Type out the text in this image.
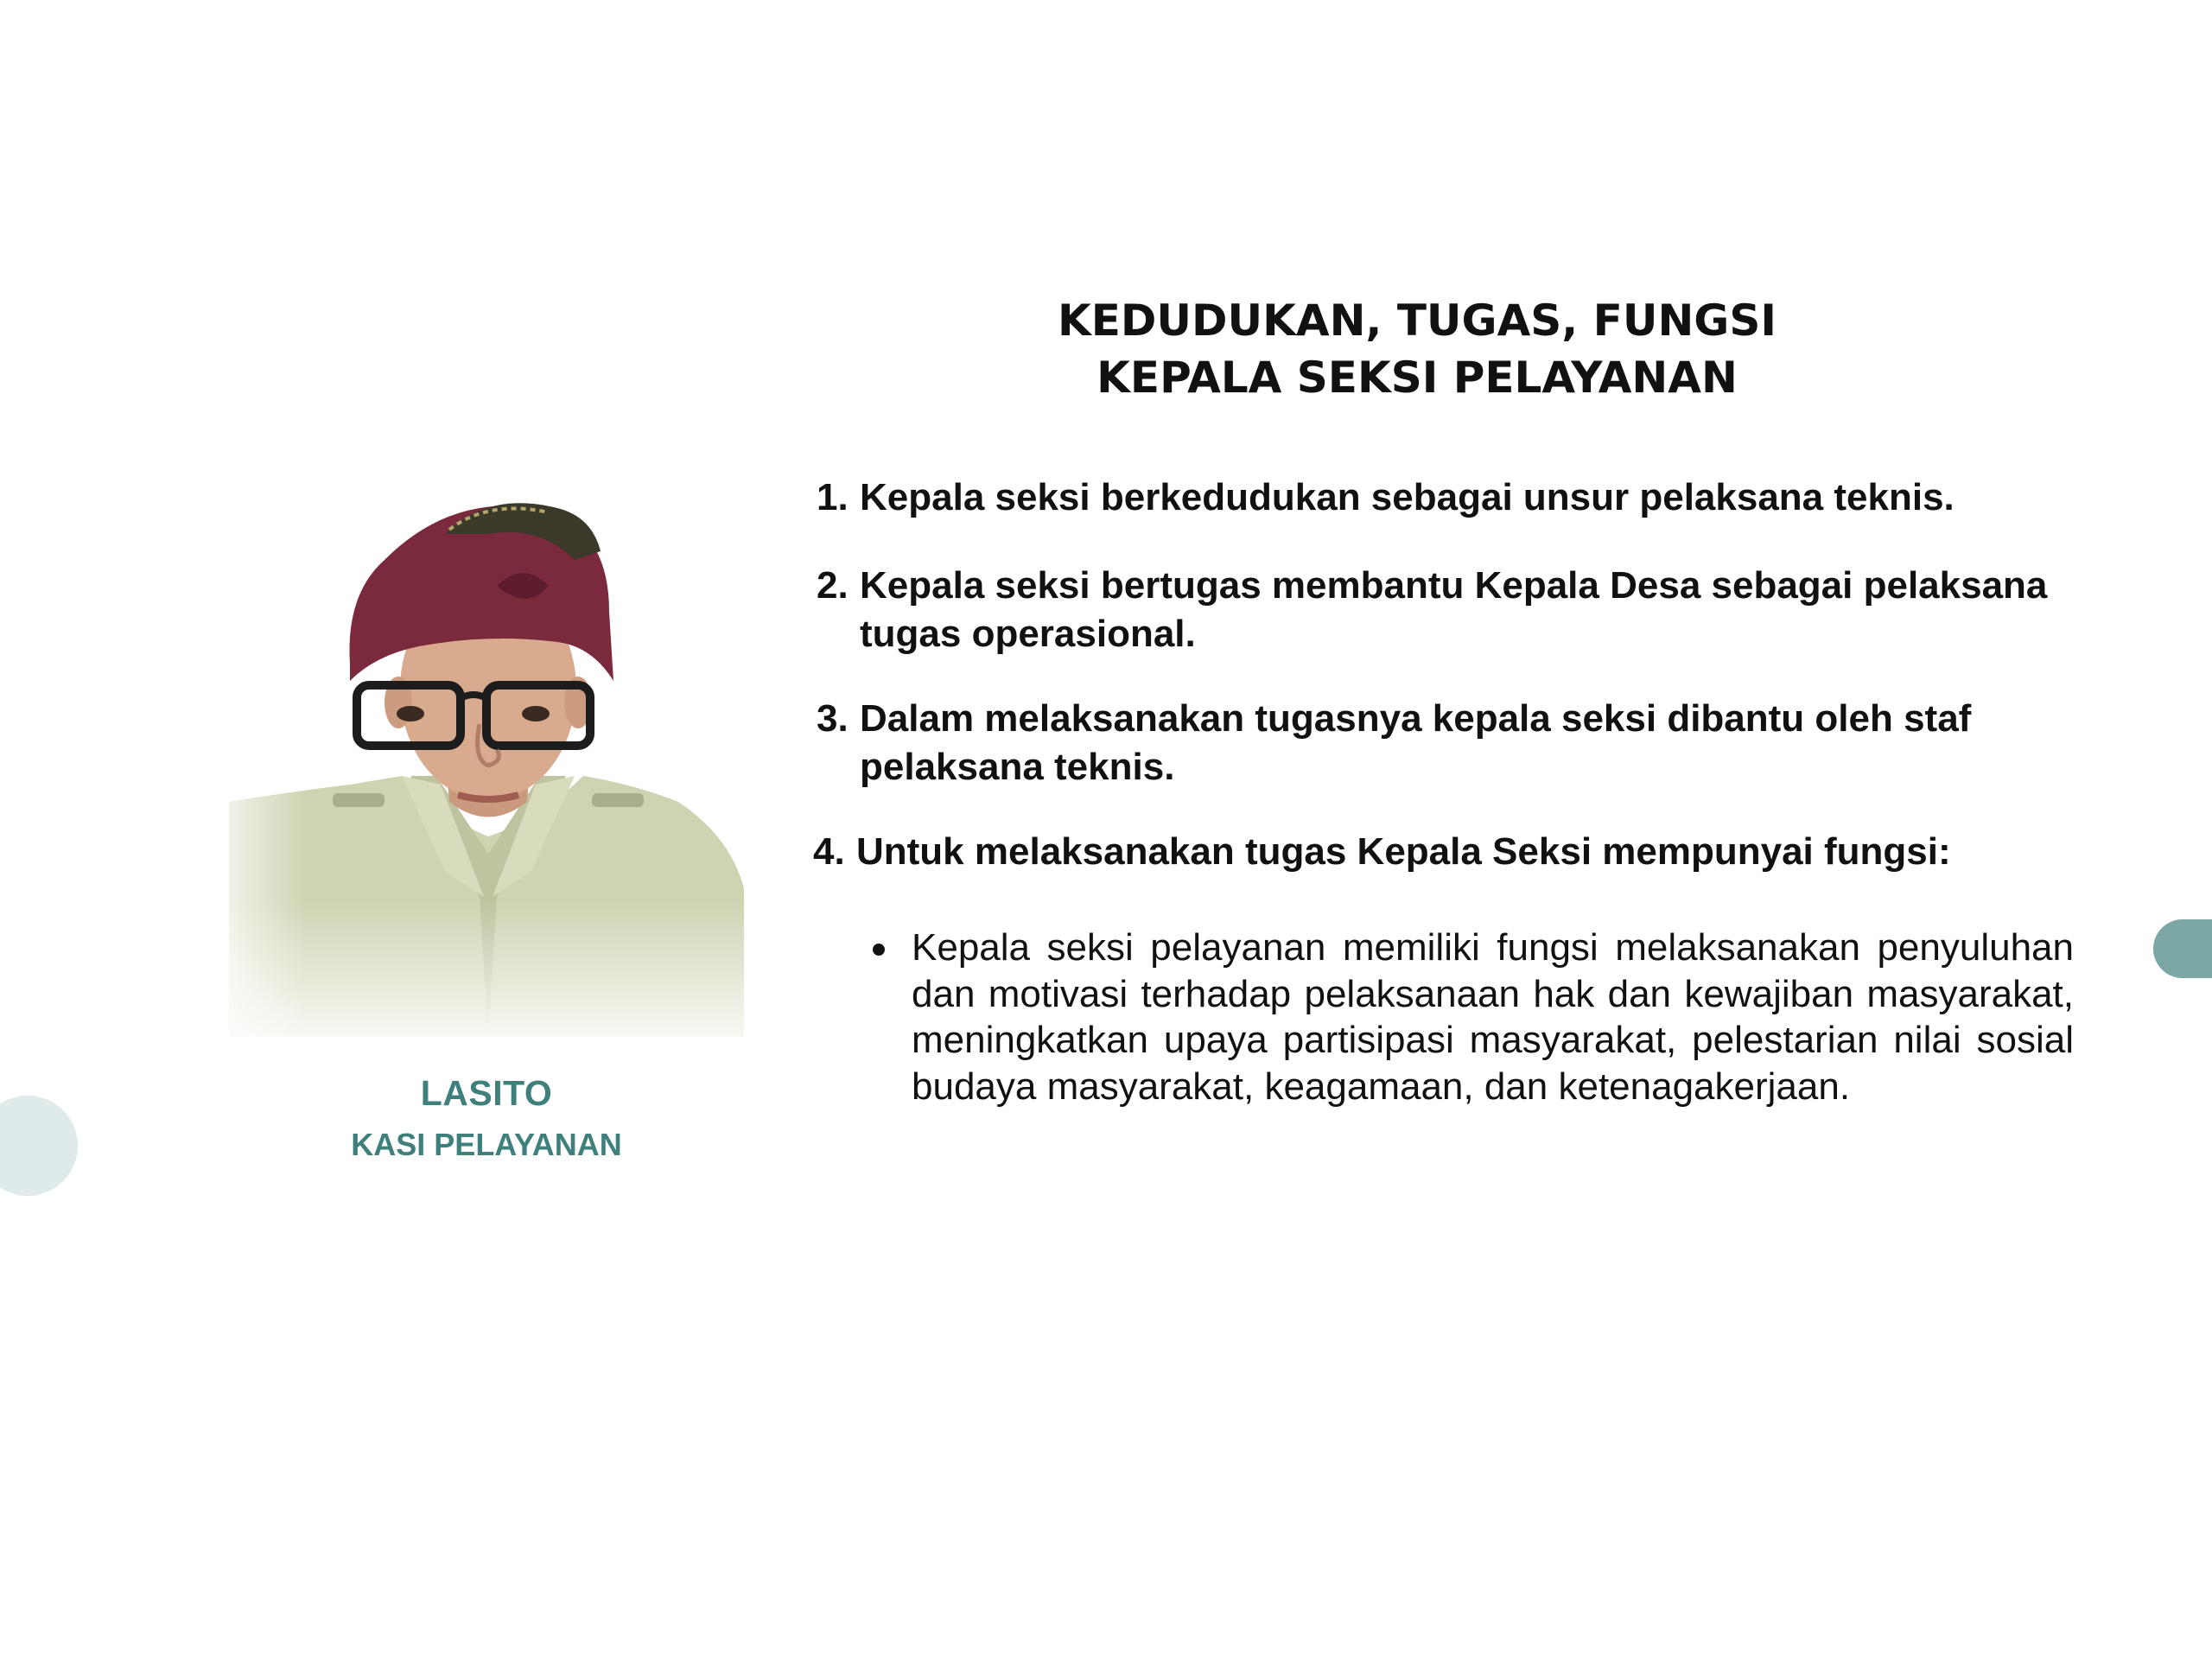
KEDUDUKAN, TUGAS, FUNGSI
KEPALA SEKSI PELAYANAN
LASITO
KASI PELAYANAN
1. Kepala seksi berkedudukan sebagai unsur pelaksana teknis.
2. Kepala seksi bertugas membantu Kepala Desa sebagai pelaksana
tugas operasional.
3. Dalam melaksanakan tugasnya kepala seksi dibantu oleh staf
pelaksana teknis.
4. Untuk melaksanakan tugas Kepala Seksi mempunyai fungsi:
Kepala seksi pelayanan memiliki fungsi melaksanakan penyuluhan dan motivasi terhadap pelaksanaan hak dan kewajiban masyarakat, meningkatkan upaya partisipasi masyarakat, pelestarian nilai sosial budaya masyarakat, keagamaan, dan ketenagakerjaan.
